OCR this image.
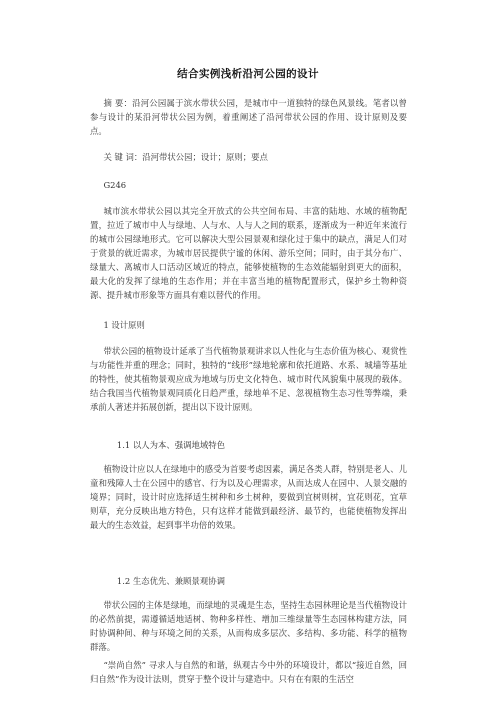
结合实例浅析沿河公园的设计
摘 要：沿河公园属于滨水带状公园，是城市中一道独特的绿色风景线。笔者以曾参与设计的某沿河带状公园为例，着重阐述了沿河带状公园的作用、设计原则及要点。
关 键 词：沿河带状公园；设计；原则；要点
G246
城市滨水带状公园以其完全开放式的公共空间布局、丰富的陆地、水域的植物配置，拉近了城市中人与绿地、人与水、人与人之间的联系，逐渐成为一种近年来流行的城市公园绿地形式。它可以解决大型公园景观和绿化过于集中的缺点，满足人们对于赏景的就近需求，为城市居民提供宁谧的休闲、游乐空间；同时，由于其分布广、绿量大、离城市人口活动区域近的特点，能够使植物的生态效能辐射到更大的面积，最大化的发挥了绿地的生态作用；并在丰富当地的植物配置形式，保护乡土物种资源、提升城市形象等方面具有难以替代的作用。
1 设计原则
带状公园的植物设计延承了当代植物景观讲求以人性化与生态价值为核心、观赏性与功能性并重的理念；同时，独特的“线形”绿地轮廓和依托道路、水系、城墙等基址的特性，使其植物景观应成为地域与历史文化特色、城市时代风貌集中展现的载体。结合我国当代植物景观同质化日趋严重，绿地单不足、忽视植物生态习性等弊端，秉承前人著述并拓展创新，提出以下设计原则。
1.1 以人为本、强调地域特色
植物设计应以人在绿地中的感受为首要考虑因素，满足各类人群，特别是老人、儿童和残障人士在公园中的感官、行为以及心理需求，从而达成人在园中、人景交融的境界；同时，设计时应选择适生树种和乡土树种，要做到宜树则树，宜花则花，宜草则草，充分反映出地方特色，只有这样才能做到最经济、最节约，也能使植物发挥出最大的生态效益，起到事半功倍的效果。
1.2 生态优先、兼顾景观协调
带状公园的主体是绿地，而绿地的灵魂是生态，坚持生态园林理论是当代植物设计的必然前提，需遵循适地适树、物种多样性、增加三维绿量等生态园林构建方法，同时协调种间、种与环境之间的关系，从而构成多层次、多结构、多功能、科学的植物群落。
“崇尚自然” 寻求人与自然的和谐，纵观古今中外的环境设计，都以“接近自然，回归自然”作为设计法则，贯穿于整个设计与建造中。只有在有限的生活空
